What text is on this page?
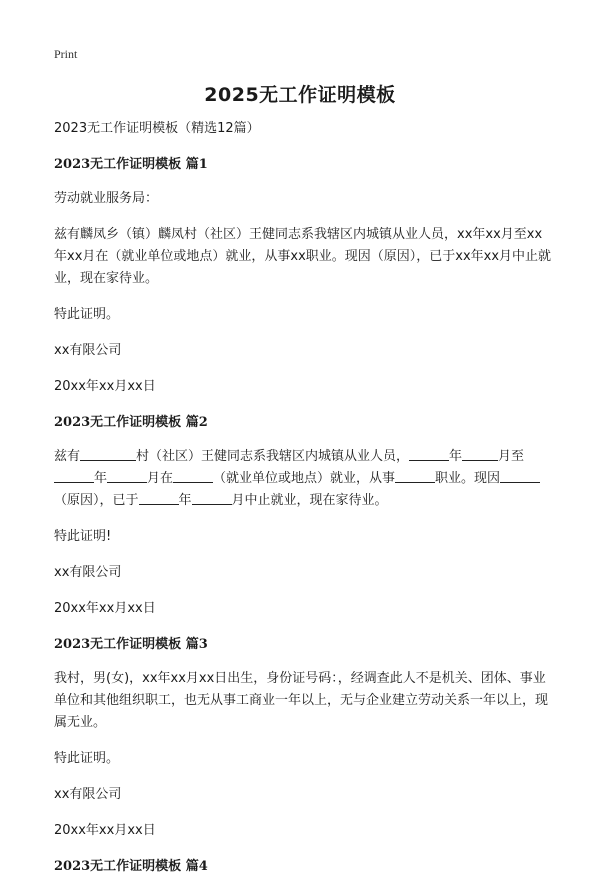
Print
2025无工作证明模板

2023无工作证明模板（精选12篇）

2023无工作证明模板 篇1

劳动就业服务局：

兹有麟凤乡（镇）麟凤村（社区）王健同志系我辖区内城镇从业人员，xx年xx月至xx年xx月在（就业单位或地点）就业，从事xx职业。现因（原因），已于xx年xx月中止就业，现在家待业。

特此证明。

xx有限公司

20xx年xx月xx日

2023无工作证明模板 篇2

兹有	村（社区）王健同志系我辖区内城镇从业人员，	年	月至年	月在	（就业单位或地点）就业，从事	职业。现因（原因），已于	年	月中止就业，现在家待业。

特此证明!

xx有限公司

20xx年xx月xx日

2023无工作证明模板 篇3

我村，男(女)，xx年xx月xx日出生，身份证号码：，经调查此人不是机关、团体、事业单位和其他组织职工，也无从事工商业一年以上，无与企业建立劳动关系一年以上，现属无业。

特此证明。

xx有限公司

20xx年xx月xx日

2023无工作证明模板 篇4
